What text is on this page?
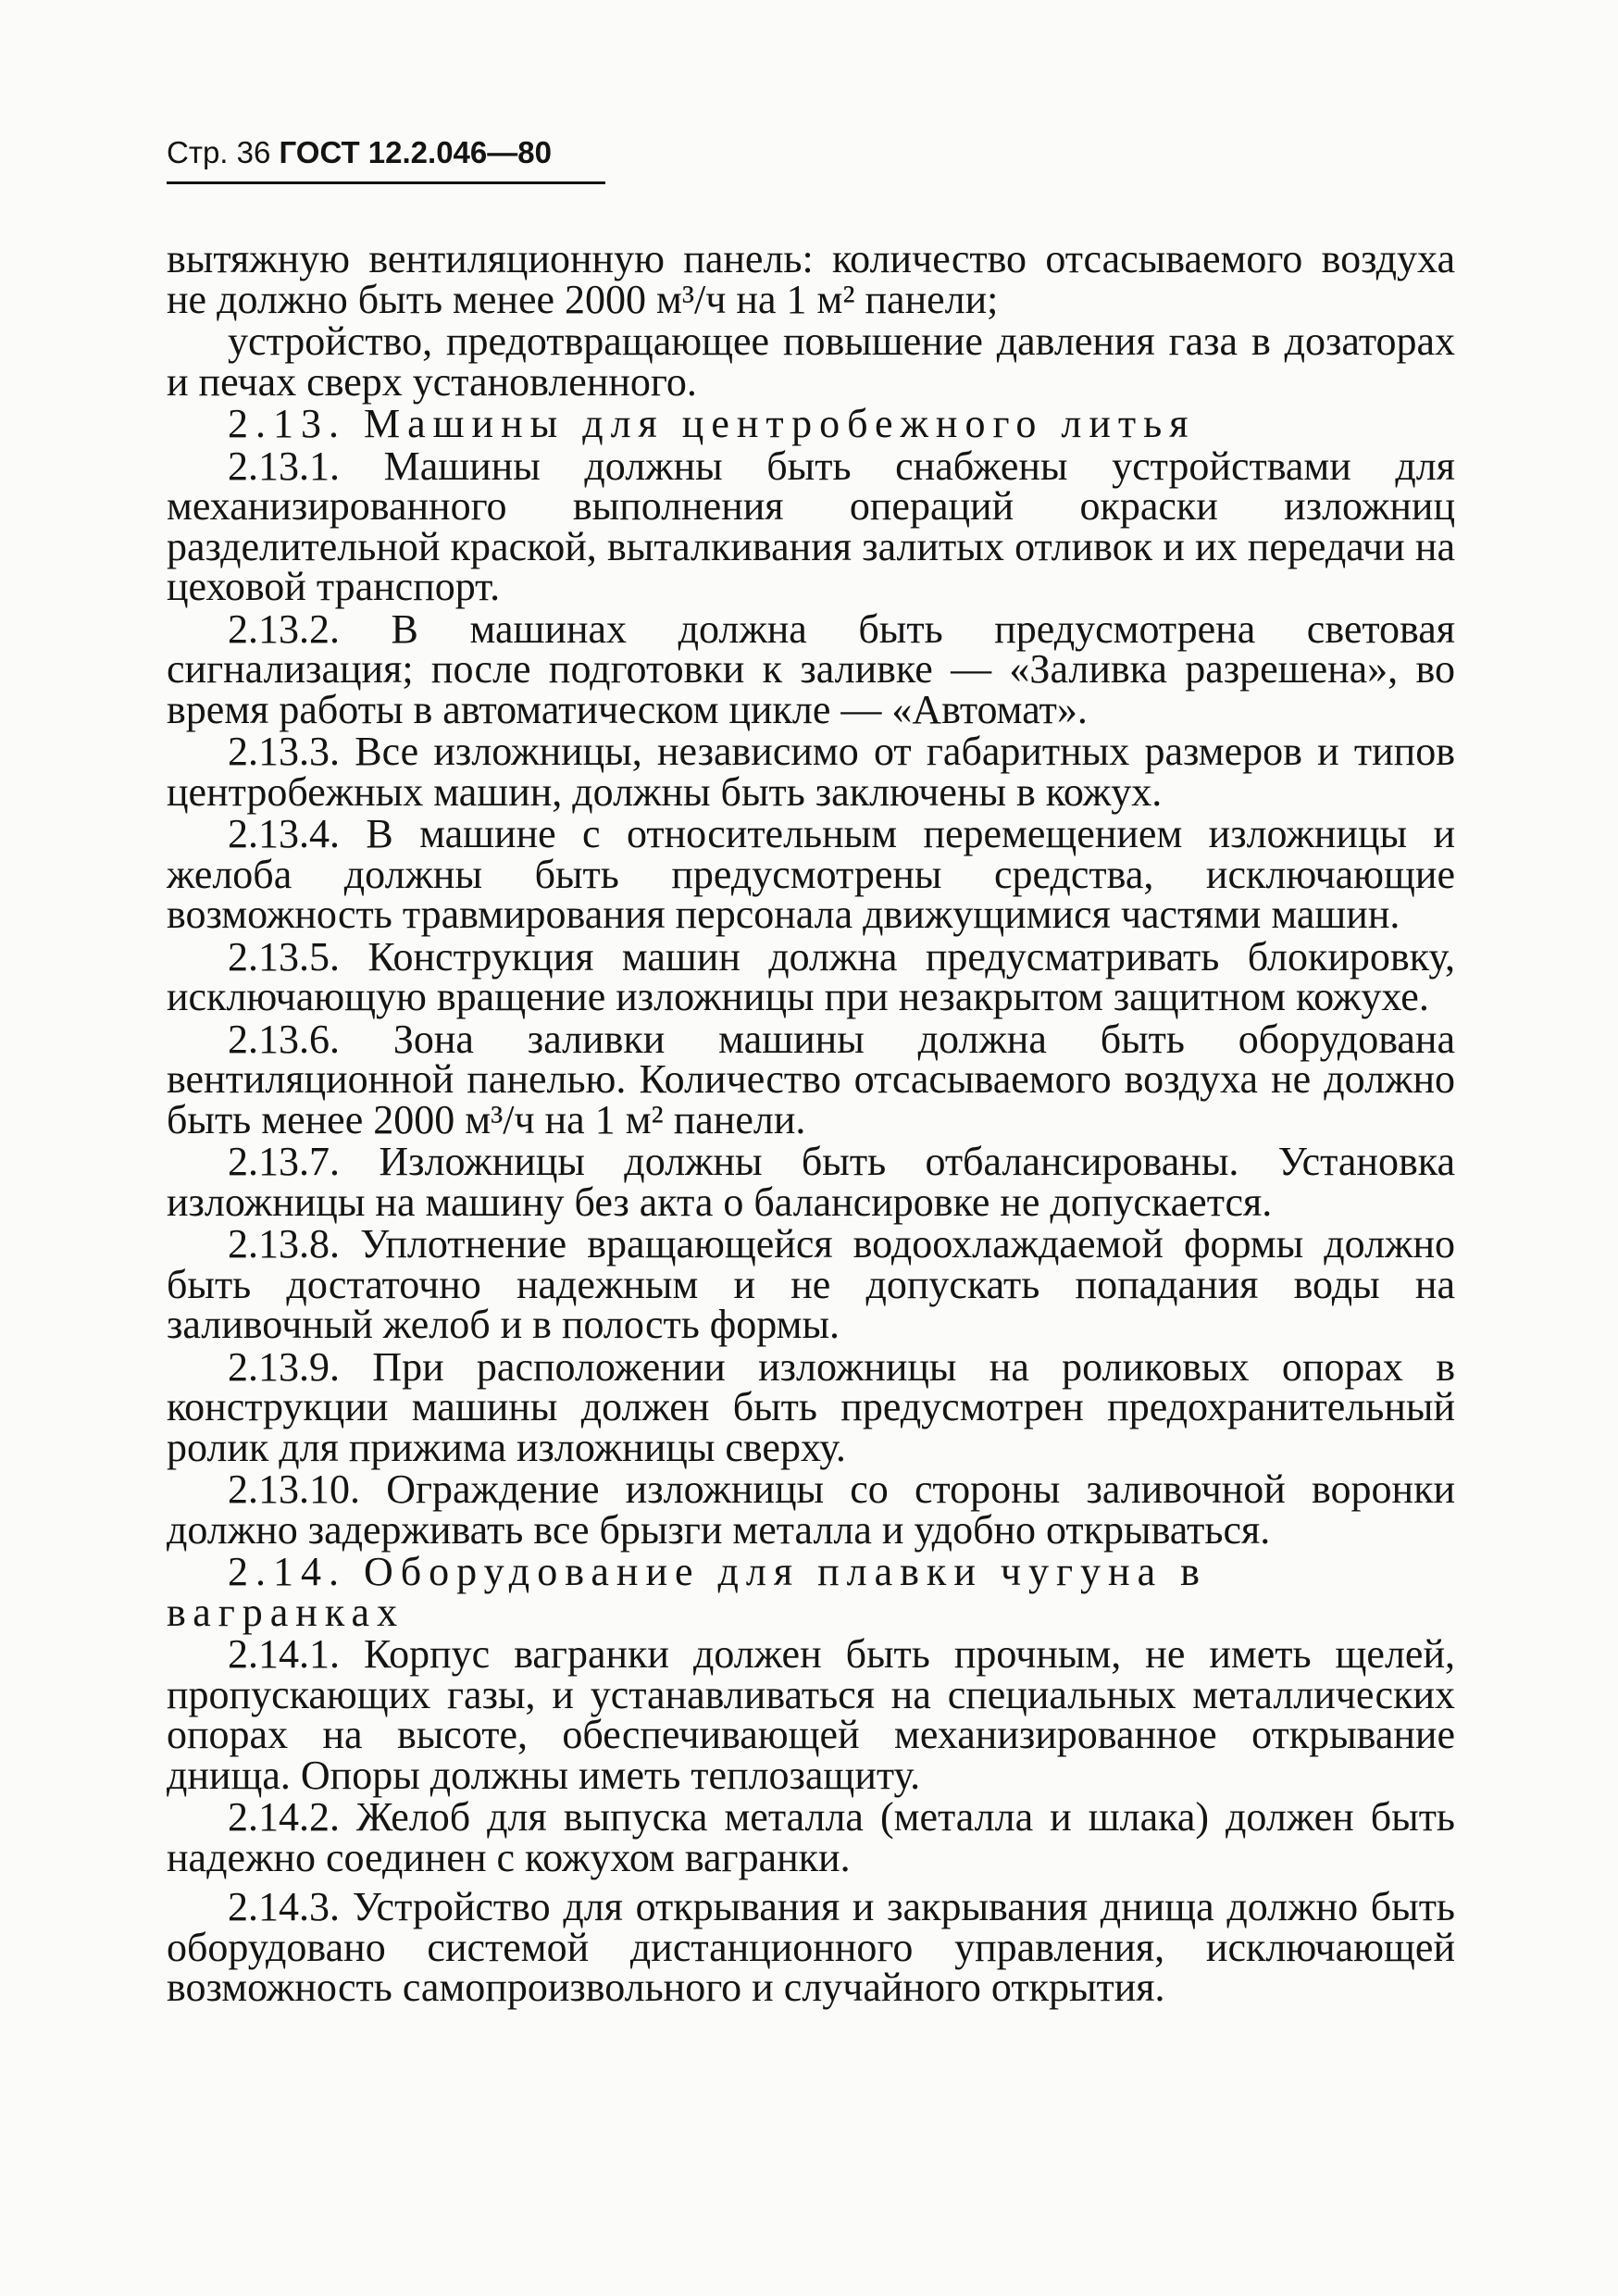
Стр. 36 ГОСТ 12.2.046—80

вытяжную вентиляционную панель: количество отсасываемого воздуха не должно быть менее 2000 м³/ч на 1 м² панели;

устройство, предотвращающее повышение давления газа в дозаторах и печах сверх установленного.

2.13. Машины для центробежного литья

2.13.1. Машины должны быть снабжены устройствами для механизированного выполнения операций окраски изложниц разделительной краской, выталкивания залитых отливок и их передачи на цеховой транспорт.

2.13.2. В машинах должна быть предусмотрена световая сигнализация; после подготовки к заливке — «Заливка разрешена», во время работы в автоматическом цикле — «Автомат».

2.13.3. Все изложницы, независимо от габаритных размеров и типов центробежных машин, должны быть заключены в кожух.

2.13.4. В машине с относительным перемещением изложницы и желоба должны быть предусмотрены средства, исключающие возможность травмирования персонала движущимися частями машин.

2.13.5. Конструкция машин должна предусматривать блокировку, исключающую вращение изложницы при незакрытом защитном кожухе.

2.13.6. Зона заливки машины должна быть оборудована вентиляционной панелью. Количество отсасываемого воздуха не должно быть менее 2000 м³/ч на 1 м² панели.

2.13.7. Изложницы должны быть отбалансированы. Установка изложницы на машину без акта о балансировке не допускается.

2.13.8. Уплотнение вращающейся водоохлаждаемой формы должно быть достаточно надежным и не допускать попадания воды на заливочный желоб и в полость формы.

2.13.9. При расположении изложницы на роликовых опорах в конструкции машины должен быть предусмотрен предохранительный ролик для прижима изложницы сверху.

2.13.10. Ограждение изложницы со стороны заливочной воронки должно задерживать все брызги металла и удобно открываться.

2.14. Оборудование для плавки чугуна в вагранках

2.14.1. Корпус вагранки должен быть прочным, не иметь щелей, пропускающих газы, и устанавливаться на специальных металлических опорах на высоте, обеспечивающей механизированное открывание днища. Опоры должны иметь теплозащиту.

2.14.2. Желоб для выпуска металла (металла и шлака) должен быть надежно соединен с кожухом вагранки.

2.14.3. Устройство для открывания и закрывания днища должно быть оборудовано системой дистанционного управления, исключающей возможность самопроизвольного и случайного открытия.
